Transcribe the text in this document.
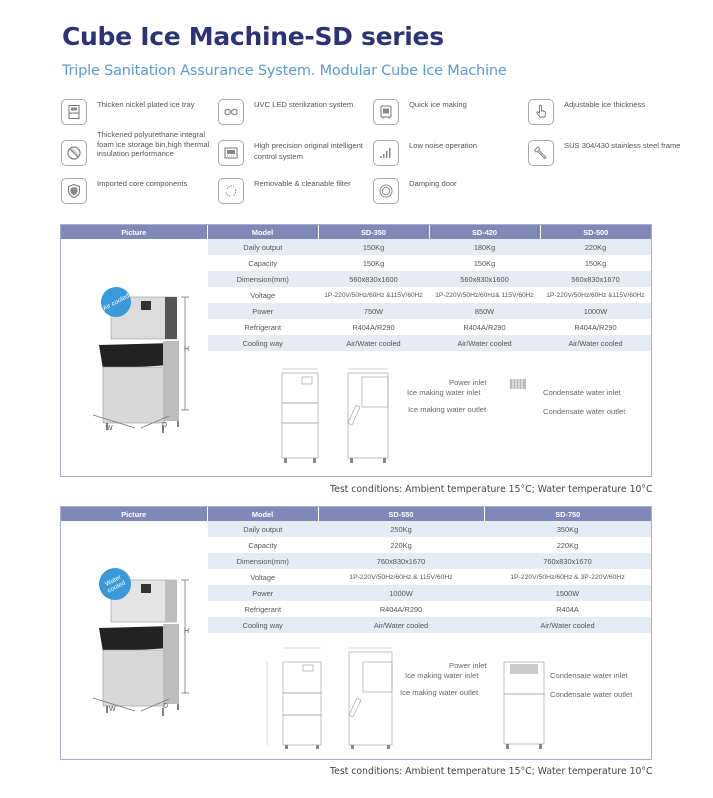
Cube Ice Machine-SD series
Triple Sanitation Assurance System. Modular Cube Ice Machine
Thicken nickel plated ice tray	UVC LED sterilization system	Quick ice making	Adjustable ice thickness
Thickened polyurethane integral foam ice storage bin,high thermal insulation performance
High precision original intelligent control system
Low noise operation	SUS 304/430 stainless steel frame
Imported core components	Removable & cleanable filter	Damping door
Picture	Model	SD-350	SD-420	SD-500
	Daily output	150Kg	180Kg	220Kg
	Capacity	150Kg	150Kg	150Kg
	Dimension(mm)	560x830x1600	560x830x1600	560x830x1670
	Voltage	1P-220V/50Hz/60Hz &115V/60Hz	1P-220V/50Hz/60Hz& 115V/60Hz	1P-220V/50Hz/60Hz &115V/60Hz
	Power	750W	850W	1000W
	Refrigerant	R404A/R290	R404A/R290	R404A/R290
	Cooling way	Air/Water cooled	Air/Water cooled	Air/Water cooled

Air cooled
H
W	D
Power inlet
Ice making water inlet
Ice making water outlet
Condensate water inlet
Condensate water outlet
Test conditions: Ambient temperature 15°C; Water temperature 10°C
Picture	Model	SD-550	SD-750
	Daily output	250Kg	350Kg
	Capacity	220Kg	220Kg
	Dimension(mm)	760x830x1670	760x830x1670
	Voltage	1P-220V/50Hz/60Hz & 115V/60Hz	1P-220V/50Hz/60Hz & 3P-220V/60Hz
	Power	1000W	1500W
	Refrigerant	R404A/R290	R404A
	Cooling way	Air/Water cooled	Air/Water cooled

Water cooled
H
W	D
Power inlet
Ice making water inlet
Ice making water outlet
Condensate water inlet
Condensate water outlet
Test conditions: Ambient temperature 15°C; Water temperature 10°C
